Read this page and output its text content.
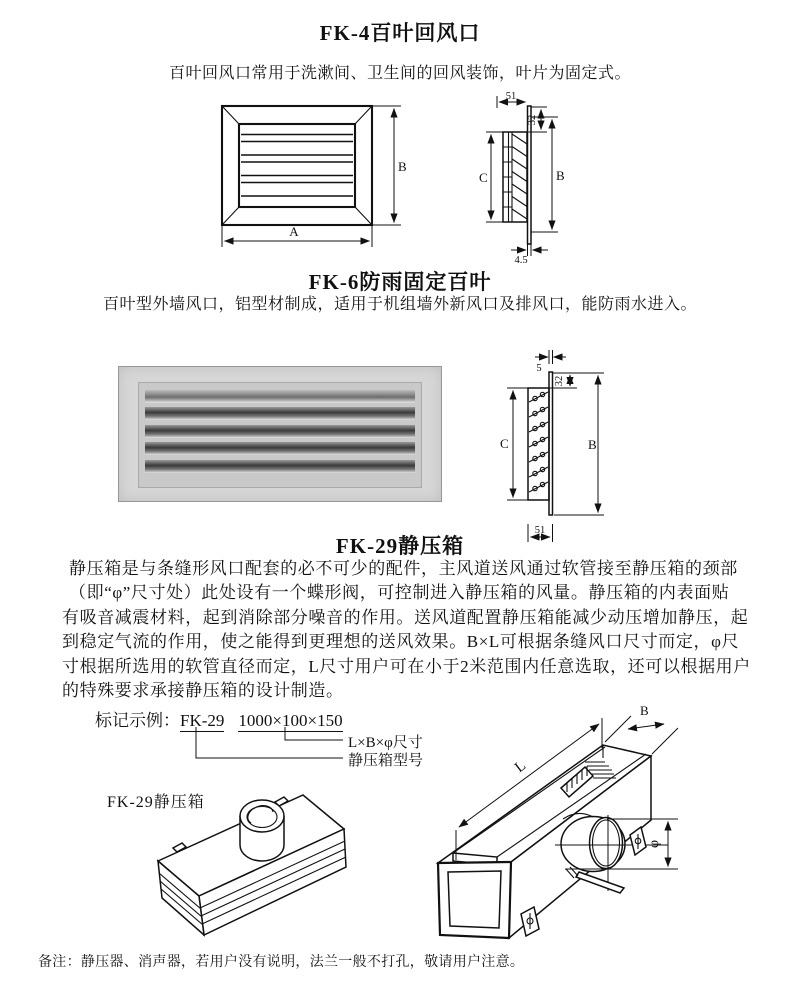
FK-4百叶回风口
百叶回风口常用于洗漱间、卫生间的回风装饰，叶片为固定式。
B
A
51
32
C	B
4.5
FK-6防雨固定百叶
百叶型外墙风口，铝型材制成，适用于机组墙外新风口及排风口，能防雨水进入。
5
32
C	B
51
FK-29静压箱
静压箱是与条缝形风口配套的必不可少的配件，主风道送风通过软管接至静压箱的颈部
（即“φ”尺寸处）此处设有一个蝶形阀，可控制进入静压箱的风量。静压箱的内表面贴
有吸音减震材料，起到消除部分噪音的作用。送风道配置静压箱能减少动压增加静压，起
到稳定气流的作用，使之能得到更理想的送风效果。B×L可根据条缝风口尺寸而定，φ尺
寸根据所选用的软管直径而定，L尺寸用户可在小于2米范围内任意选取，还可以根据用户
的特殊要求承接静压箱的设计制造。
标记示例：FK-29 1000×100×150
L×B×φ尺寸
静压箱型号
FK-29静压箱
φ
L
B
备注：静压器、消声器，若用户没有说明，法兰一般不打孔，敬请用户注意。
